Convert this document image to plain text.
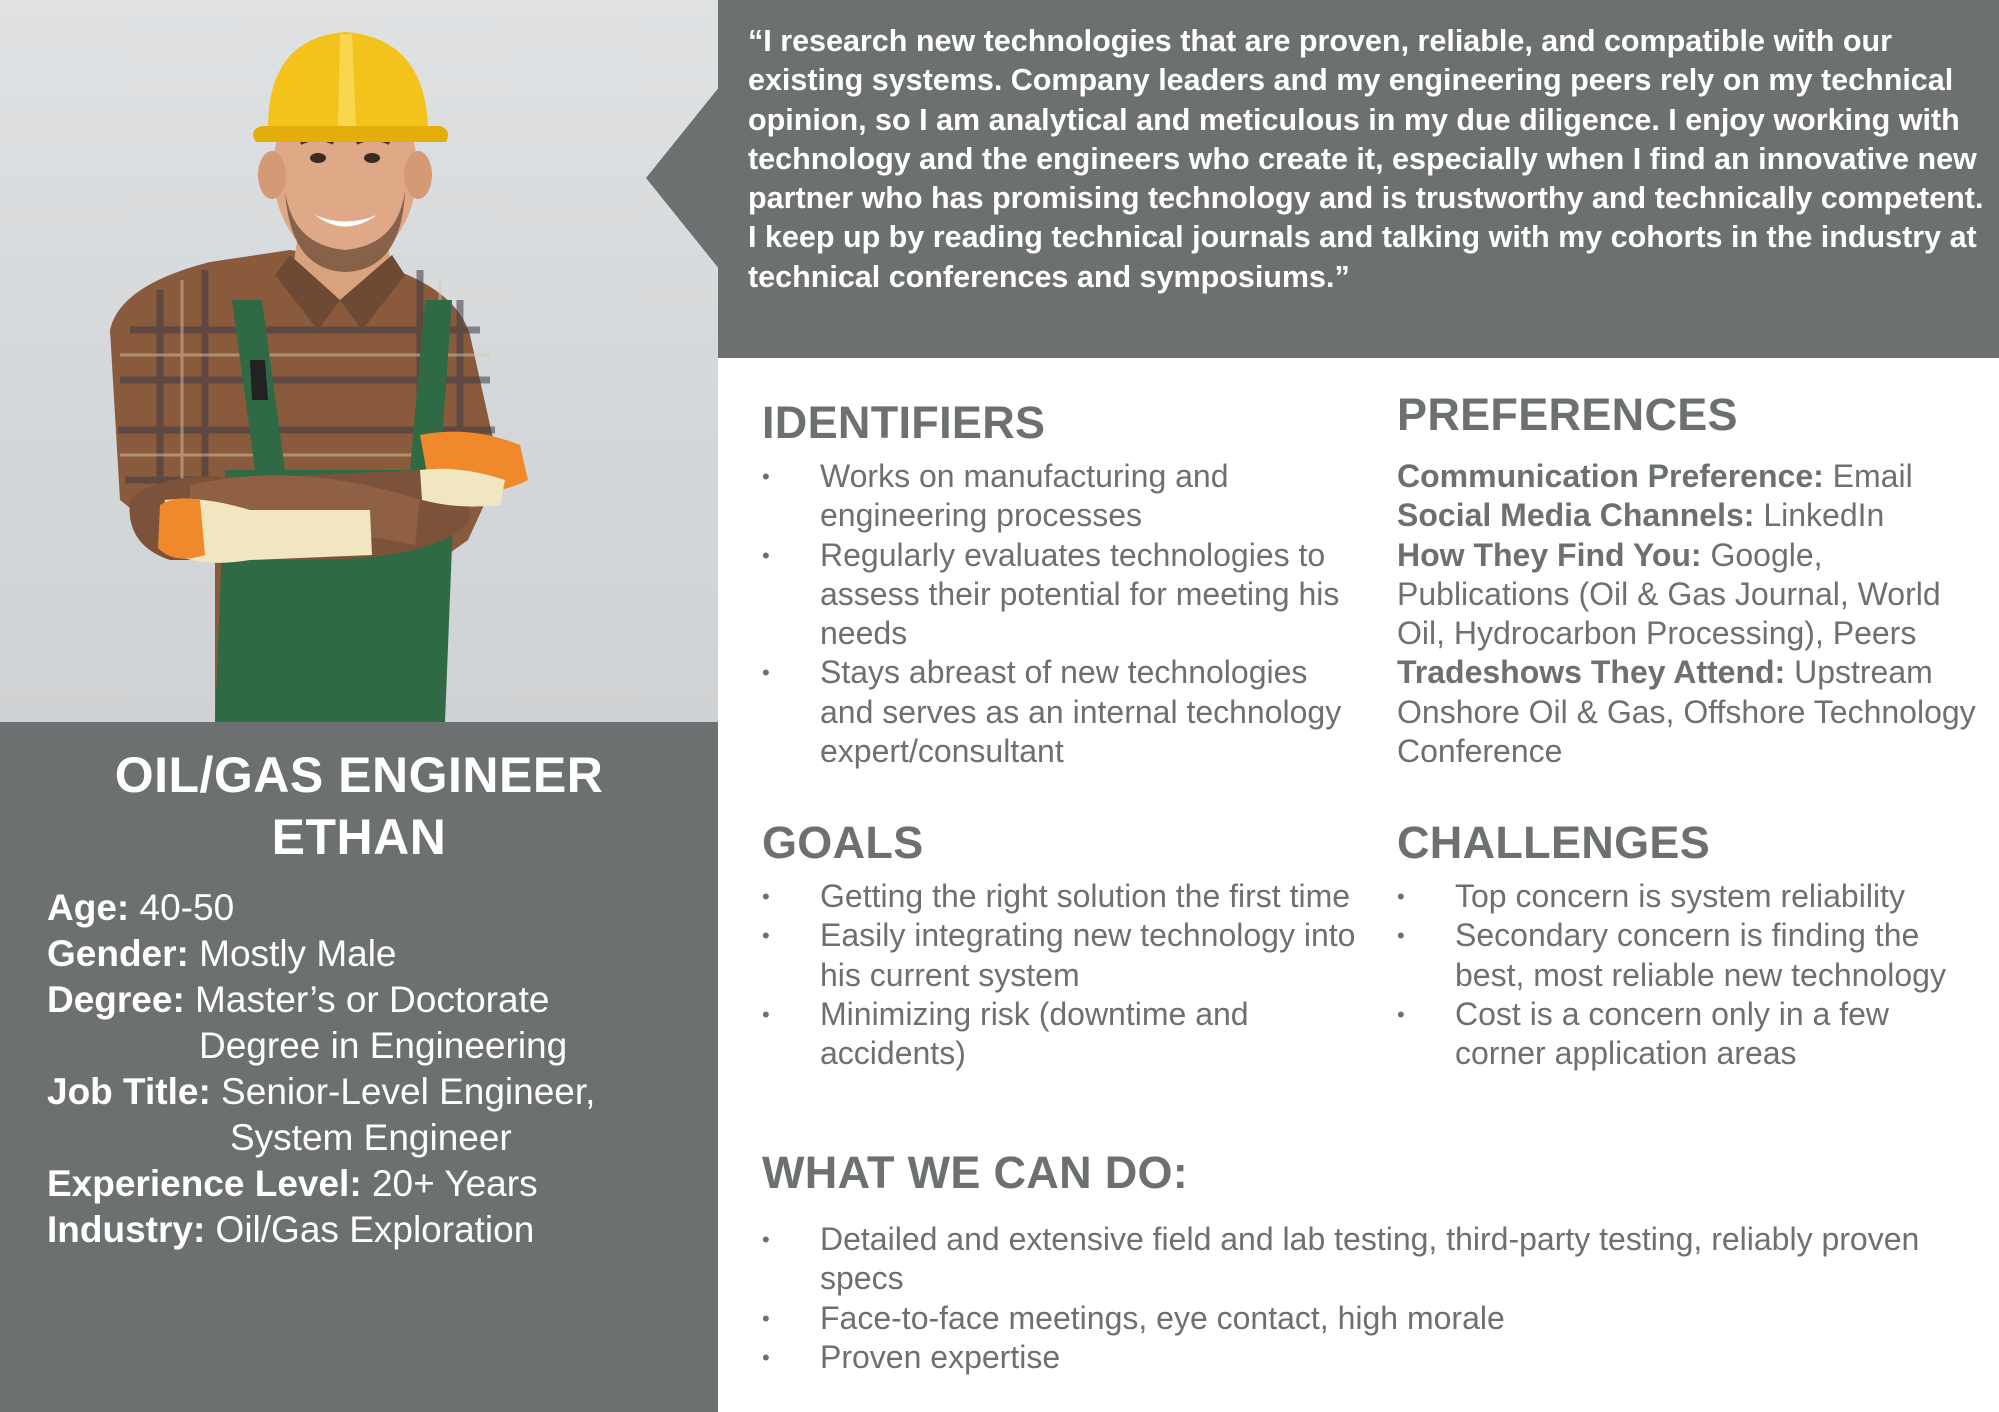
OIL/GAS ENGINEER
ETHAN
Age: 40-50
Gender: Mostly Male
Degree: Master’s or Doctorate
Degree in Engineering
Job Title: Senior-Level Engineer,
System Engineer
Experience Level: 20+ Years
Industry: Oil/Gas Exploration
“I research new technologies that are proven, reliable, and compatible with our existing systems. Company leaders and my engineering peers rely on my technical opinion, so I am analytical and meticulous in my due diligence. I enjoy working with technology and the engineers who create it, especially when I find an innovative new partner who has promising technology and is trustworthy and technically competent. I keep up by reading technical journals and talking with my cohorts in the industry at technical conferences and symposiums.”
IDENTIFIERS
• Works on manufacturing and engineering processes
• Regularly evaluates technologies to assess their potential for meeting his needs
• Stays abreast of new technologies and serves as an internal technology expert/consultant
PREFERENCES
Communication Preference: Email
Social Media Channels: LinkedIn
How They Find You: Google, Publications (Oil & Gas Journal, World Oil, Hydrocarbon Processing), Peers
Tradeshows They Attend: Upstream Onshore Oil & Gas, Offshore Technology Conference
GOALS
• Getting the right solution the first time
• Easily integrating new technology into his current system
• Minimizing risk (downtime and accidents)
CHALLENGES
• Top concern is system reliability
• Secondary concern is finding the best, most reliable new technology
• Cost is a concern only in a few corner application areas
WHAT WE CAN DO:
• Detailed and extensive field and lab testing, third-party testing, reliably proven specs
• Face-to-face meetings, eye contact, high morale
• Proven expertise
